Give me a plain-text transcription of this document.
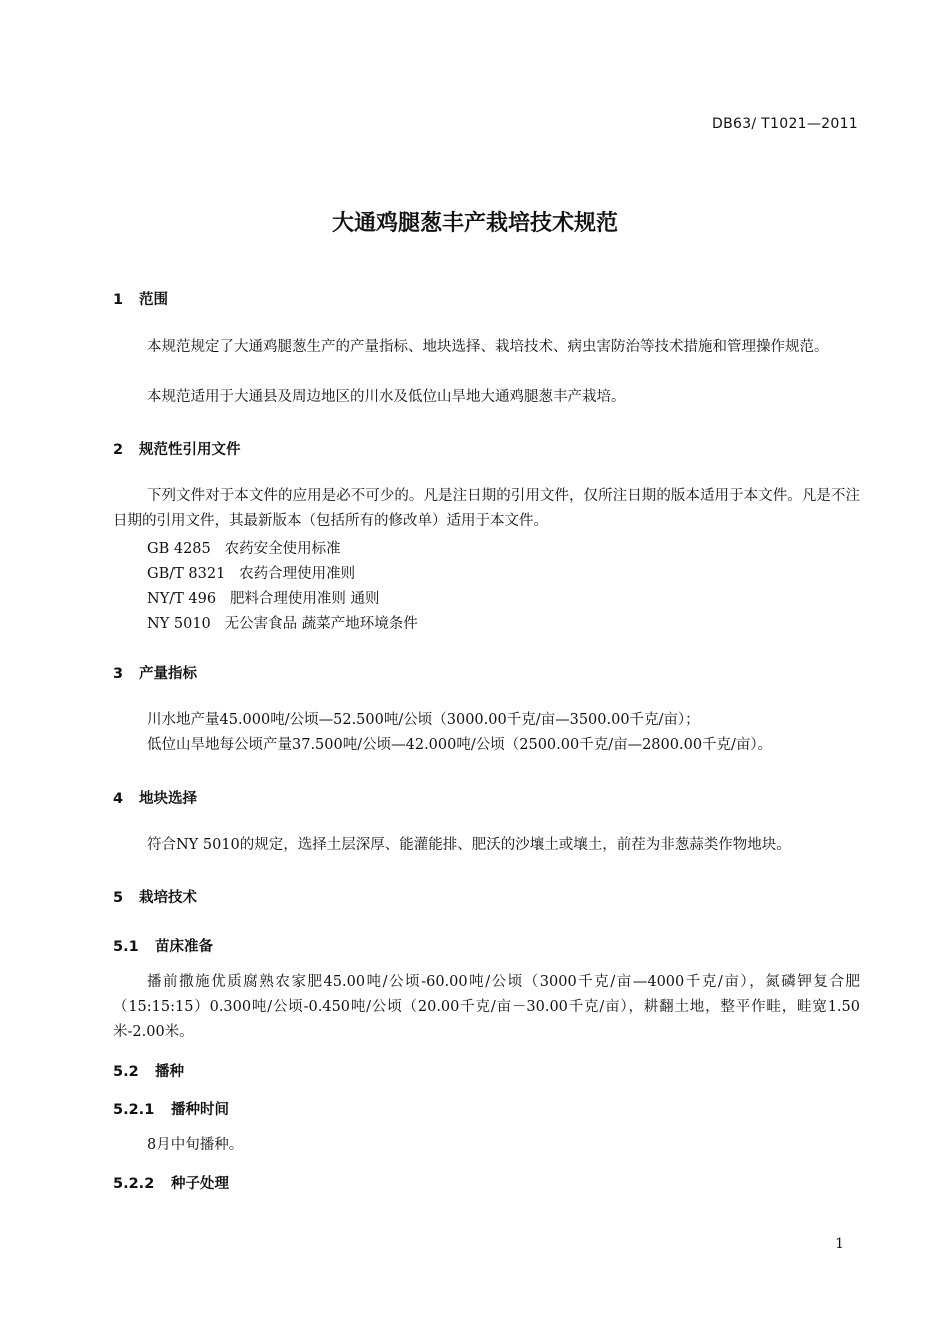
DB63/ T1021—2011
大通鸡腿葱丰产栽培技术规范
1 范围
本规范规定了大通鸡腿葱生产的产量指标、地块选择、栽培技术、病虫害防治等技术措施和管理操作规范。
本规范适用于大通县及周边地区的川水及低位山旱地大通鸡腿葱丰产栽培。
2 规范性引用文件
下列文件对于本文件的应用是必不可少的。凡是注日期的引用文件，仅所注日期的版本适用于本文件。凡是不注日期的引用文件，其最新版本（包括所有的修改单）适用于本文件。
GB 4285 农药安全使用标准
GB/T 8321 农药合理使用准则
NY/T 496 肥料合理使用准则 通则
NY 5010 无公害食品 蔬菜产地环境条件
3 产量指标
川水地产量45.000吨/公顷—52.500吨/公顷（3000.00千克/亩—3500.00千克/亩）；
低位山旱地每公顷产量37.500吨/公顷—42.000吨/公顷（2500.00千克/亩—2800.00千克/亩）。
4 地块选择
符合NY 5010的规定，选择土层深厚、能灌能排、肥沃的沙壤土或壤土，前茬为非葱蒜类作物地块。
5 栽培技术
5.1 苗床准备
播前撒施优质腐熟农家肥45.00吨/公顷-60.00吨/公顷（3000千克/亩—4000千克/亩），氮磷钾复合肥（15:15:15）0.300吨/公顷-0.450吨/公顷（20.00千克/亩－30.00千克/亩），耕翻土地，整平作畦，畦宽1.50米-2.00米。
5.2 播种
5.2.1 播种时间
8月中旬播种。
5.2.2 种子处理
1
